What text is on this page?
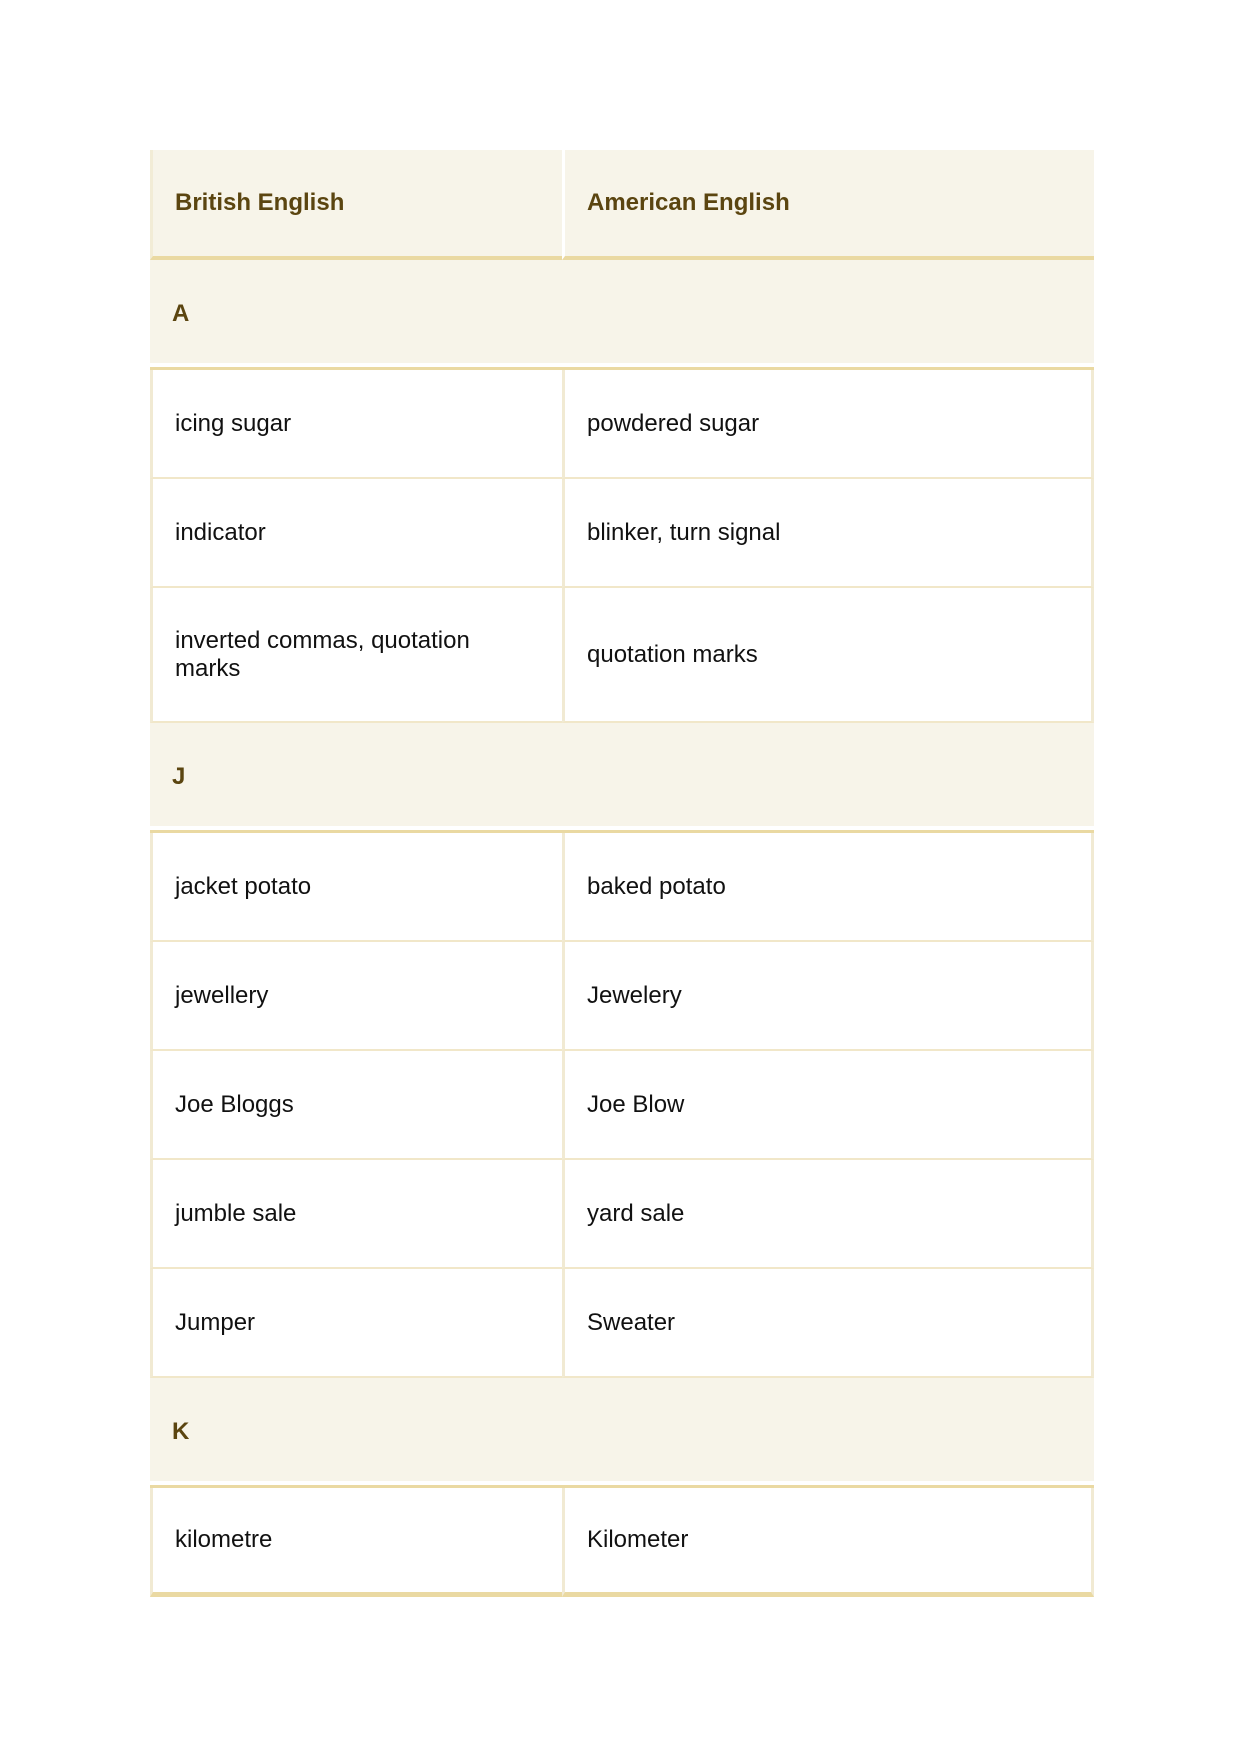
British English	American English
A	
icing sugar	powdered sugar
indicator	blinker, turn signal
inverted commas, quotation marks	quotation marks
J	
jacket potato	baked potato
jewellery	Jewelery
Joe Bloggs	Joe Blow
jumble sale	yard sale
Jumper	Sweater
K	
kilometre	Kilometer
